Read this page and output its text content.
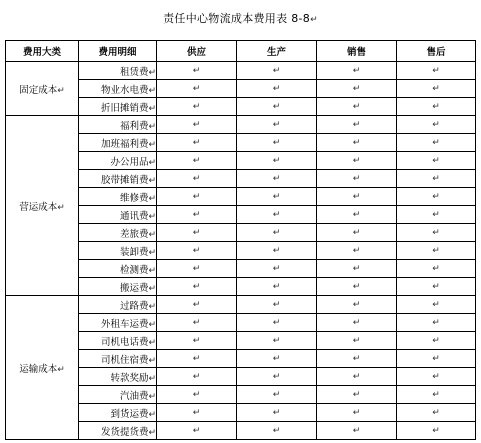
责任中心物流成本费用表 8-8↵
费用大类	费用明细	供应	生产	销售	售后
固定成本↵	租赁费↵	↵	↵	↵	↵
	物业水电费↵	↵	↵	↵	↵
	折旧摊销费↵	↵	↵	↵	↵
营运成本↵	福利费↵	↵	↵	↵	↵
	加班福利费↵	↵	↵	↵	↵
	办公用品↵	↵	↵	↵	↵
	胶带摊销费↵	↵	↵	↵	↵
	维修费↵	↵	↵	↵	↵
	通讯费↵	↵	↵	↵	↵
	差旅费↵	↵	↵	↵	↵
	装卸费↵	↵	↵	↵	↵
	检测费↵	↵	↵	↵	↵
	搬运费↵	↵	↵	↵	↵
运输成本↵	过路费↵	↵	↵	↵	↵
	外租车运费↵	↵	↵	↵	↵
	司机电话费↵	↵	↵	↵	↵
	司机住宿费↵	↵	↵	↵	↵
	转款奖励↵	↵	↵	↵	↵
	汽油费↵	↵	↵	↵	↵
	到货运费↵	↵	↵	↵	↵
	发货提货费↵	↵	↵	↵	↵
